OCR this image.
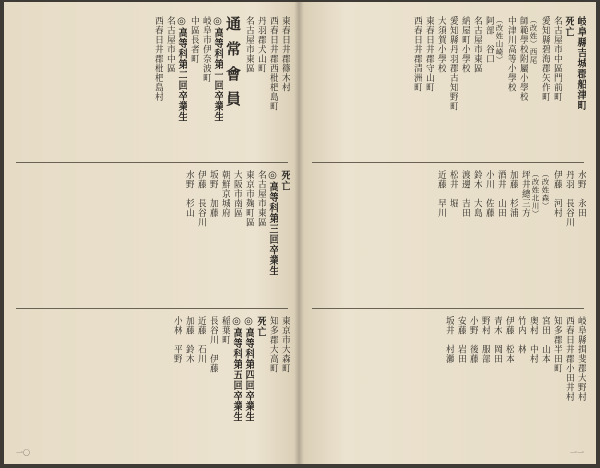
東春日井郡篠木村
西春日井郡西枇杷島町
丹羽郡犬山町
名古屋市東區
通常會員
◎高等科第一回卒業生
岐阜市伊奈波町
中區長者町
◎高等科第二回卒業生
名古屋市中區
西春日井郡枇杷島村
死亡
◎高等科第三回卒業生
名古屋市東區
東京市麹町區
大阪市南區
朝鮮京城府
坂野　加藤
伊藤　長谷川
水野　杉山
東京市大森町
知多郡大高町
死亡
◎高等科第四回卒業生
◎高等科第五回卒業生
稲葉町
長谷川　伊藤
近藤　石川
加藤　鈴木
小林　平野
一〇
岐阜縣吉城郡船津町
死亡
名古屋市中區門前町
愛知縣碧海郡矢作町
（改姓）西尾
師範學校附屬小學校
中津川高等小學校
（改姓山崎）
阿部　谷口
名古屋市東區
納屋町小學校
愛知縣丹羽郡古知野町
大須賀小學校
東春日井郡守山町
西春日井郡清洲町
水野　永田
丹羽　長谷川
伊藤　河村
（改姓森）
（改姓北川）
坪井總三方
加藤　杉浦
酒井　山田
小川　佐藤
鈴木　大島
渡邊　吉田
松井　堀
近藤　早川
岐阜縣揖斐郡大野村
西春日井郡小田井村
知多郡半田町
宮田　山本
奥村　中村
竹内　林
伊藤　松本
青木　岡田
野村　服部
小野　後藤
安藤　岩田
坂井　村瀬
一一
